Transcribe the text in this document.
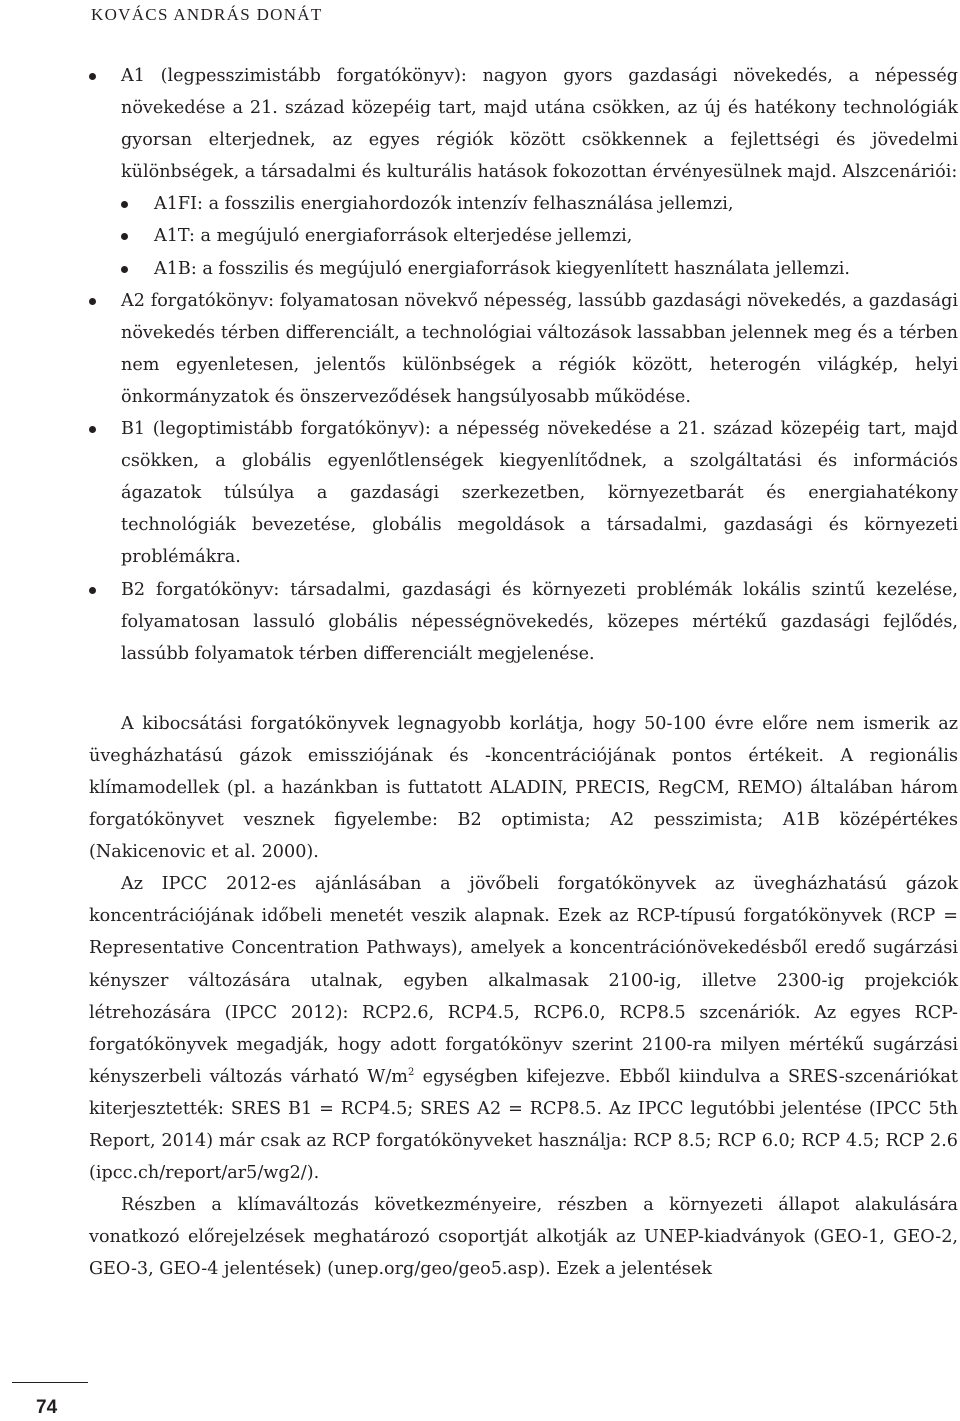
KOVÁCS ANDRÁS DONÁT
A1 (legpesszimistább forgatókönyv): nagyon gyors gazdasági növekedés, a népesség növekedése a 21. század közepéig tart, majd utána csökken, az új és hatékony technológiák gyorsan elterjednek, az egyes régiók között csökkennek a fejlettségi és jövedelmi különbségek, a társadalmi és kulturális hatások fokozottan érvényesülnek majd. Alszcenáriói:
A1FI: a fosszilis energiahordozók intenzív felhasználása jellemzi,
A1T: a megújuló energiaforrások elterjedése jellemzi,
A1B: a fosszilis és megújuló energiaforrások kiegyenlített használata jellemzi.
A2 forgatókönyv: folyamatosan növekvő népesség, lassúbb gazdasági növekedés, a gazdasági növekedés térben differenciált, a technológiai változások lassabban jelennek meg és a térben nem egyenletesen, jelentős különbségek a régiók között, heterogén világkép, helyi önkormányzatok és önszerveződések hangsúlyosabb működése.
B1 (legoptimistább forgatókönyv): a népesség növekedése a 21. század közepéig tart, majd csökken, a globális egyenlőtlenségek kiegyenlítődnek, a szolgáltatási és információs ágazatok túlsúlya a gazdasági szerkezetben, környezetbarát és energiahatékony technológiák bevezetése, globális megoldások a társadalmi, gazdasági és környezeti problémákra.
B2 forgatókönyv: társadalmi, gazdasági és környezeti problémák lokális szintű kezelése, folyamatosan lassuló globális népességnövekedés, közepes mértékű gazdasági fejlődés, lassúbb folyamatok térben differenciált megjelenése.

A kibocsátási forgatókönyvek legnagyobb korlátja, hogy 50-100 évre előre nem ismerik az üvegházhatású gázok emissziójának és -koncentrációjának pontos értékeit. A regionális klímamodellek (pl. a hazánkban is futtatott ALADIN, PRECIS, RegCM, REMO) általában három forgatókönyvet vesznek figyelembe: B2 optimista; A2 pesszimista; A1B középértékes (Nakicenovic et al. 2000).

Az IPCC 2012-es ajánlásában a jövőbeli forgatókönyvek az üvegházhatású gázok koncentrációjának időbeli menetét veszik alapnak. Ezek az RCP-típusú forgatókönyvek (RCP = Representative Concentration Pathways), amelyek a koncentrációnövekedésből eredő sugárzási kényszer változására utalnak, egyben alkalmasak 2100-ig, illetve 2300-ig projekciók létrehozására (IPCC 2012): RCP2.6, RCP4.5, RCP6.0, RCP8.5 szcenáriók. Az egyes RCP-forgatókönyvek megadják, hogy adott forgatókönyv szerint 2100-ra milyen mértékű sugárzási kényszerbeli változás várható $W/m^2$ egységben kifejezve. Ebből kiindulva a SRES-szcenáriókat kiterjesztették: SRES B1 = RCP4.5; SRES A2 = RCP8.5. Az IPCC legutóbbi jelentése (IPCC 5th Report, 2014) már csak az RCP forgatókönyveket használja: RCP 8.5; RCP 6.0; RCP 4.5; RCP 2.6 (ipcc.ch/report/ar5/wg2/).

Részben a klímaváltozás következményeire, részben a környezeti állapot alakulására vonatkozó előrejelzések meghatározó csoportját alkotják az UNEP-kiadványok (GEO-1, GEO-2, GEO-3, GEO-4 jelentések) (unep.org/geo/geo5.asp). Ezek a jelentések

74
